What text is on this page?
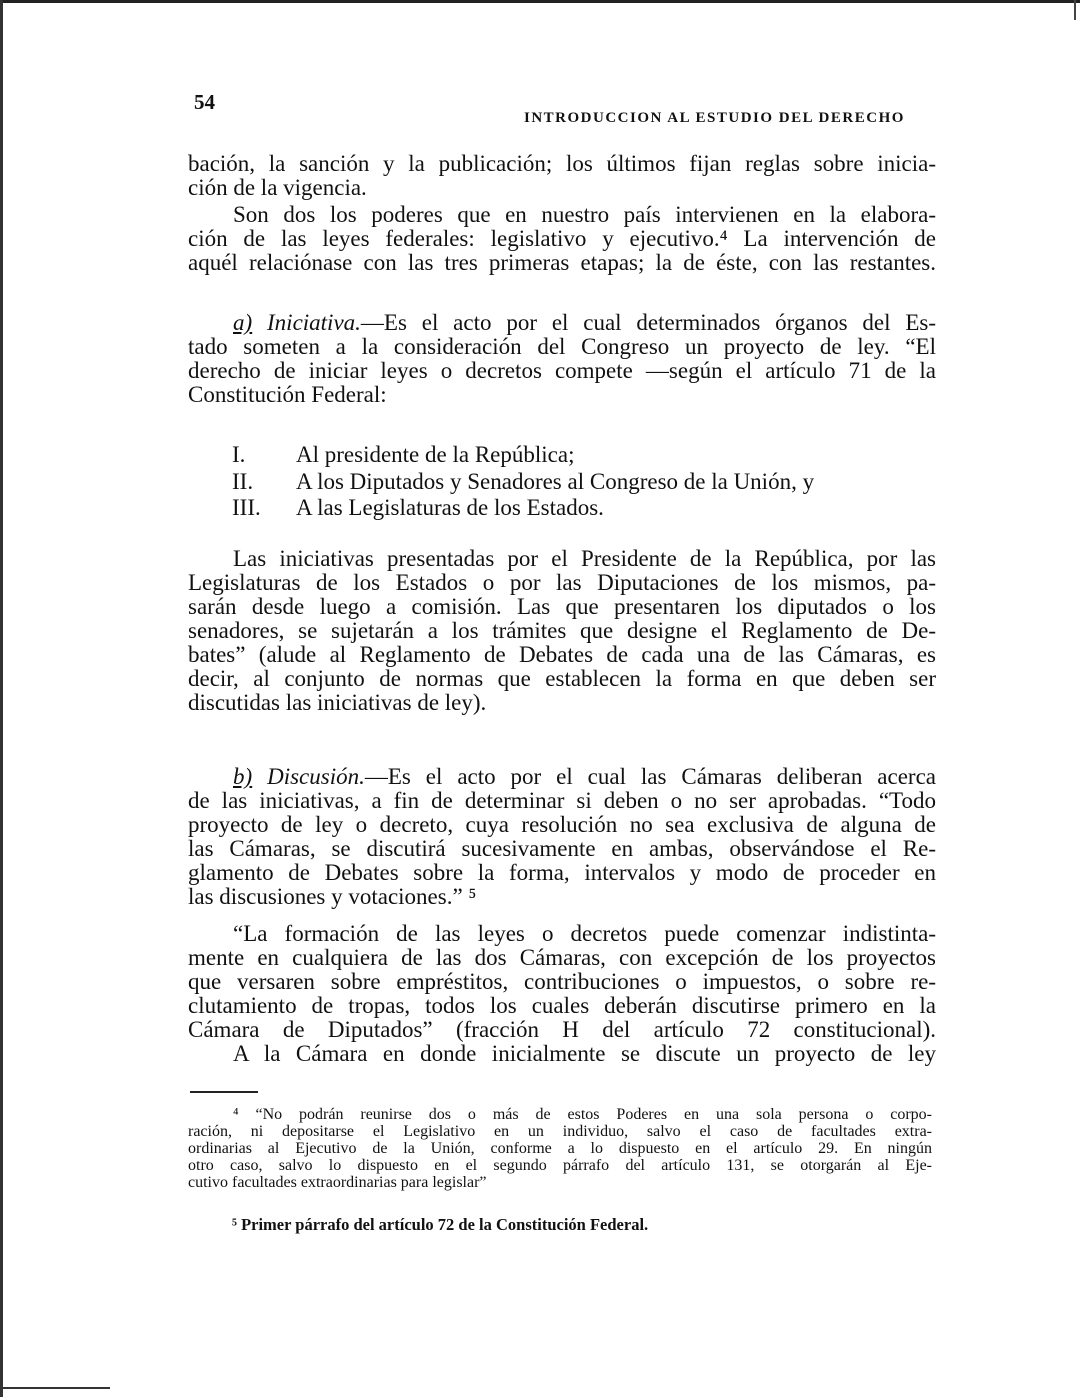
54
INTRODUCCION AL ESTUDIO DEL DERECHO
bación, la sanción y la publicación; los últimos fijan reglas sobre inicia-
ción de la vigencia.
Son dos los poderes que en nuestro país intervienen en la elabora-
ción de las leyes federales: legislativo y ejecutivo.⁴ La intervención de
aquél relaciónase con las tres primeras etapas; la de éste, con las restantes.
a) Iniciativa.—Es el acto por el cual determinados órganos del Es-
tado someten a la consideración del Congreso un proyecto de ley. “El
derecho de iniciar leyes o decretos compete —según el artículo 71 de la
Constitución Federal:
I. Al presidente de la República;
II. A los Diputados y Senadores al Congreso de la Unión, y
III. A las Legislaturas de los Estados.
Las iniciativas presentadas por el Presidente de la República, por las
Legislaturas de los Estados o por las Diputaciones de los mismos, pa-
sarán desde luego a comisión. Las que presentaren los diputados o los
senadores, se sujetarán a los trámites que designe el Reglamento de De-
bates” (alude al Reglamento de Debates de cada una de las Cámaras, es
decir, al conjunto de normas que establecen la forma en que deben ser
discutidas las iniciativas de ley).
b) Discusión.—Es el acto por el cual las Cámaras deliberan acerca
de las iniciativas, a fin de determinar si deben o no ser aprobadas. “Todo
proyecto de ley o decreto, cuya resolución no sea exclusiva de alguna de
las Cámaras, se discutirá sucesivamente en ambas, observándose el Re-
glamento de Debates sobre la forma, intervalos y modo de proceder en
las discusiones y votaciones.” ⁵
“La formación de las leyes o decretos puede comenzar indistinta-
mente en cualquiera de las dos Cámaras, con excepción de los proyectos
que versaren sobre empréstitos, contribuciones o impuestos, o sobre re-
clutamiento de tropas, todos los cuales deberán discutirse primero en la
Cámara de Diputados” (fracción H del artículo 72 constitucional).
A la Cámara en donde inicialmente se discute un proyecto de ley
⁴ “No podrán reunirse dos o más de estos Poderes en una sola persona o corpo-
ración, ni depositarse el Legislativo en un individuo, salvo el caso de facultades extra-
ordinarias al Ejecutivo de la Unión, conforme a lo dispuesto en el artículo 29. En ningún
otro caso, salvo lo dispuesto en el segundo párrafo del artículo 131, se otorgarán al Eje-
cutivo facultades extraordinarias para legislar”
⁵ Primer párrafo del artículo 72 de la Constitución Federal.
